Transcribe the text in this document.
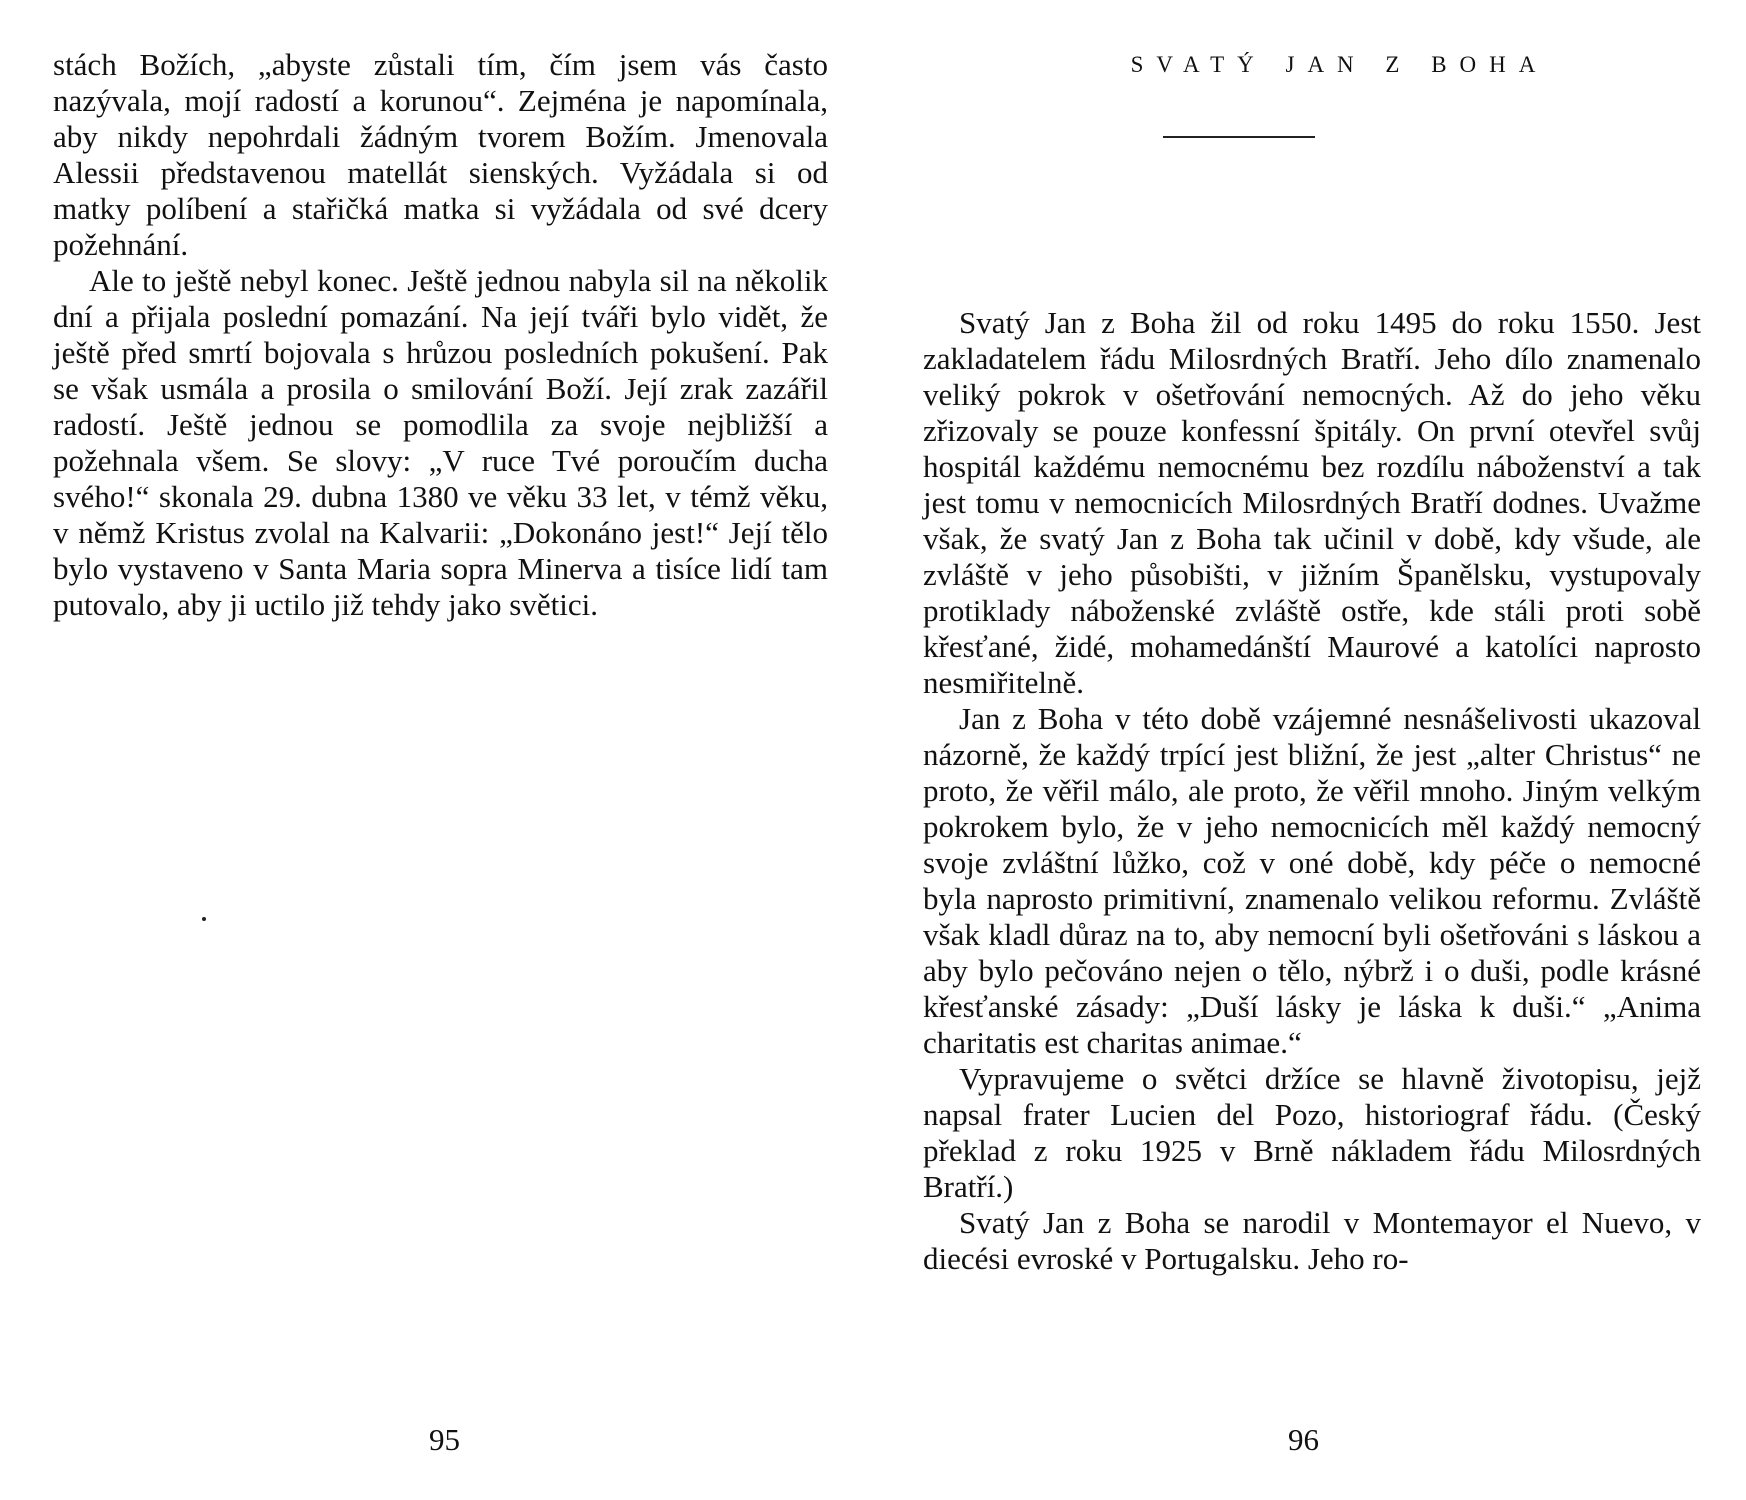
stách Božích, „abyste zůstali tím, čím jsem vás často nazývala, mojí radostí a korunou“. Zejména je napomínala, aby nikdy nepohrdali žádným tvorem Božím. Jmenovala Alessii představenou matellát sienských. Vyžádala si od matky políbení a stařičká matka si vyžádala od své dcery požehnání.

Ale to ještě nebyl konec. Ještě jednou nabyla sil na několik dní a přijala poslední pomazání. Na její tváři bylo vidět, že ještě před smrtí bojovala s hrůzou posledních pokušení. Pak se však usmála a prosila o smilování Boží. Její zrak zazářil radostí. Ještě jednou se pomodlila za svoje nejbližší a požehnala všem. Se slovy: „V ruce Tvé poroučím ducha svého!“ skonala 29. dubna 1380 ve věku 33 let, v témž věku, v němž Kristus zvolal na Kalvarii: „Dokonáno jest!“ Její tělo bylo vystaveno v Santa Maria sopra Minerva a tisíce lidí tam putovalo, aby ji uctilo již tehdy jako světici.

95
SVATÝ JAN Z BOHA

Svatý Jan z Boha žil od roku 1495 do roku 1550. Jest zakladatelem řádu Milosrdných Bratří. Jeho dílo znamenalo veliký pokrok v ošetřování nemocných. Až do jeho věku zřizovaly se pouze konfessní špitály. On první otevřel svůj hospitál každému nemocnému bez rozdílu náboženství a tak jest tomu v nemocnicích Milosrdných Bratří dodnes. Uvažme však, že svatý Jan z Boha tak učinil v době, kdy všude, ale zvláště v jeho působišti, v jižním Španělsku, vystupovaly protiklady náboženské zvláště ostře, kde stáli proti sobě křesťané, židé, mohamedánští Maurové a katolíci naprosto nesmiřitelně.

Jan z Boha v této době vzájemné nesnášelivosti ukazoval názorně, že každý trpící jest bližní, že jest „alter Christus“ ne proto, že věřil málo, ale proto, že věřil mnoho. Jiným velkým pokrokem bylo, že v jeho nemocnicích měl každý nemocný svoje zvláštní lůžko, což v oné době, kdy péče o nemocné byla naprosto primitivní, znamenalo velikou reformu. Zvláště však kladl důraz na to, aby nemocní byli ošetřováni s láskou a aby bylo pečováno nejen o tělo, nýbrž i o duši, podle krásné křesťanské zásady: „Duší lásky je láska k duši.“ „Anima charitatis est charitas animae.“

Vypravujeme o světci držíce se hlavně životopisu, jejž napsal frater Lucien del Pozo, historiograf řádu. (Český překlad z roku 1925 v Brně nákladem řádu Milosrdných Bratří.)

Svatý Jan z Boha se narodil v Montemayor el Nuevo, v diecési evroské v Portugalsku. Jeho ro-

96
